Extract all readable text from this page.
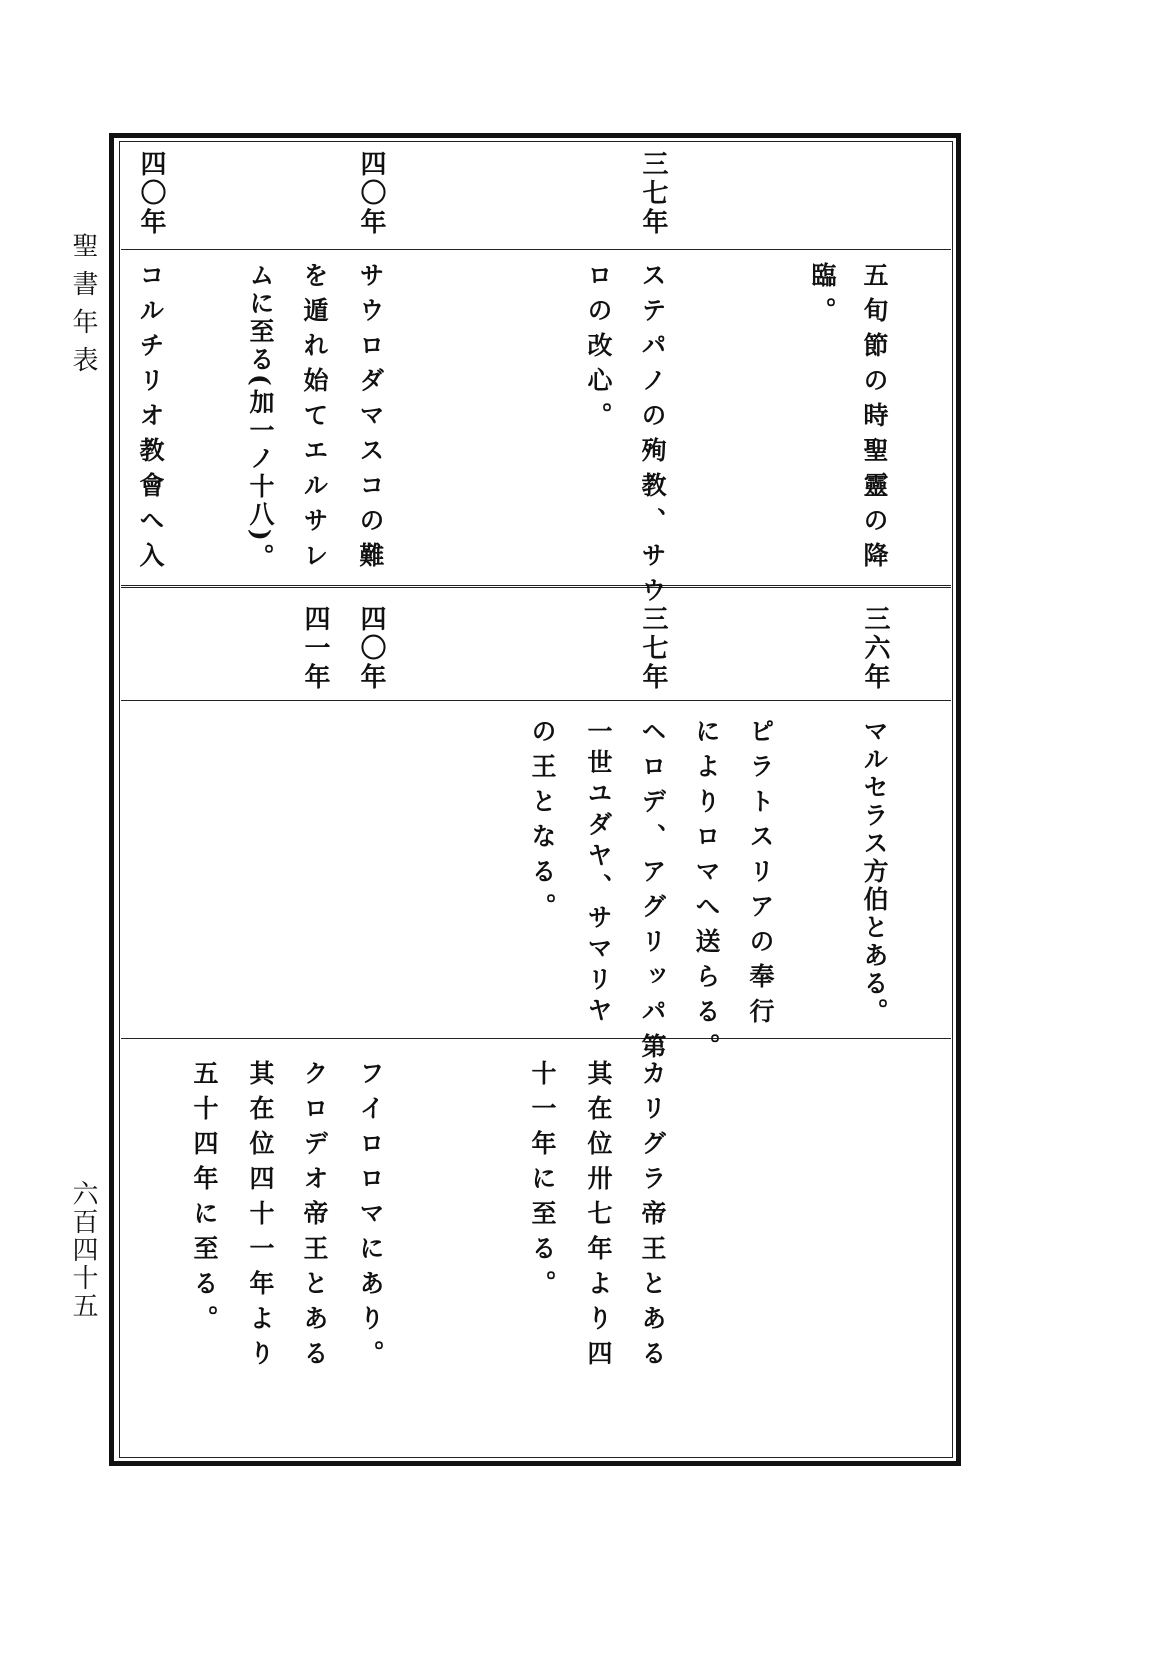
聖書年表
六百四十五
三七年
四〇年
四〇年
五旬節の時聖靈の降
臨。
ステパノの殉教、サウ
ロの改心。
サウロダマスコの難
を遁れ始てエルサレ
ムに至る(加一ノ十八)。
コルチリオ教會へ入
三六年
三七年
四〇年
四一年
マルセラス方伯とある。
ピラトスリアの奉行
によりロマへ送らる。
ヘロデ、アグリッパ第
一世ユダヤ、サマリヤ
の王となる。
カリグラ帝王とある
其在位卅七年より四
十一年に至る。
フイロロマにあり。
クロデオ帝王とある
其在位四十一年より
五十四年に至る。
